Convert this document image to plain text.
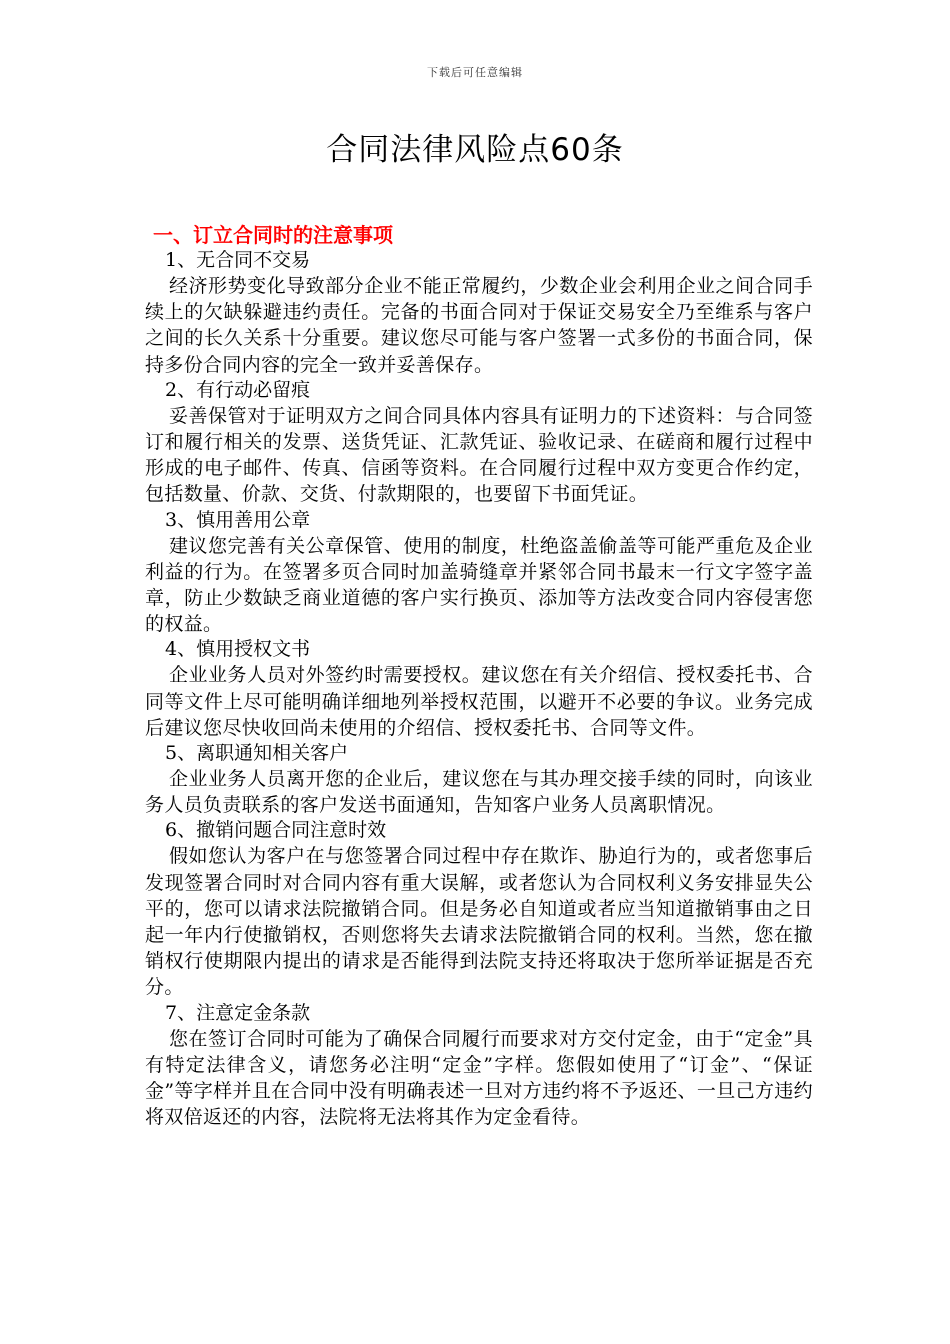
下载后可任意编辑
合同法律风险点60条
一、订立合同时的注意事项
1、无合同不交易

经济形势变化导致部分企业不能正常履约，少数企业会利用企业之间合同手续上的欠缺躲避违约责任。完备的书面合同对于保证交易安全乃至维系与客户之间的长久关系十分重要。建议您尽可能与客户签署一式多份的书面合同，保持多份合同内容的完全一致并妥善保存。

2、有行动必留痕

妥善保管对于证明双方之间合同具体内容具有证明力的下述资料：与合同签订和履行相关的发票、送货凭证、汇款凭证、验收记录、在磋商和履行过程中形成的电子邮件、传真、信函等资料。在合同履行过程中双方变更合作约定，包括数量、价款、交货、付款期限的，也要留下书面凭证。

3、慎用善用公章

建议您完善有关公章保管、使用的制度，杜绝盗盖偷盖等可能严重危及企业利益的行为。在签署多页合同时加盖骑缝章并紧邻合同书最末一行文字签字盖章，防止少数缺乏商业道德的客户实行换页、添加等方法改变合同内容侵害您的权益。

4、慎用授权文书

企业业务人员对外签约时需要授权。建议您在有关介绍信、授权委托书、合同等文件上尽可能明确详细地列举授权范围，以避开不必要的争议。业务完成后建议您尽快收回尚未使用的介绍信、授权委托书、合同等文件。

5、离职通知相关客户

企业业务人员离开您的企业后，建议您在与其办理交接手续的同时，向该业务人员负责联系的客户发送书面通知，告知客户业务人员离职情况。

6、撤销问题合同注意时效

假如您认为客户在与您签署合同过程中存在欺诈、胁迫行为的，或者您事后发现签署合同时对合同内容有重大误解，或者您认为合同权利义务安排显失公平的，您可以请求法院撤销合同。但是务必自知道或者应当知道撤销事由之日起一年内行使撤销权，否则您将失去请求法院撤销合同的权利。当然，您在撤销权行使期限内提出的请求是否能得到法院支持还将取决于您所举证据是否充分。

7、注意定金条款

您在签订合同时可能为了确保合同履行而要求对方交付定金，由于“定金”具有特定法律含义，请您务必注明“定金”字样。您假如使用了“订金”、“保证金”等字样并且在合同中没有明确表述一旦对方违约将不予返还、一旦己方违约将双倍返还的内容，法院将无法将其作为定金看待。
